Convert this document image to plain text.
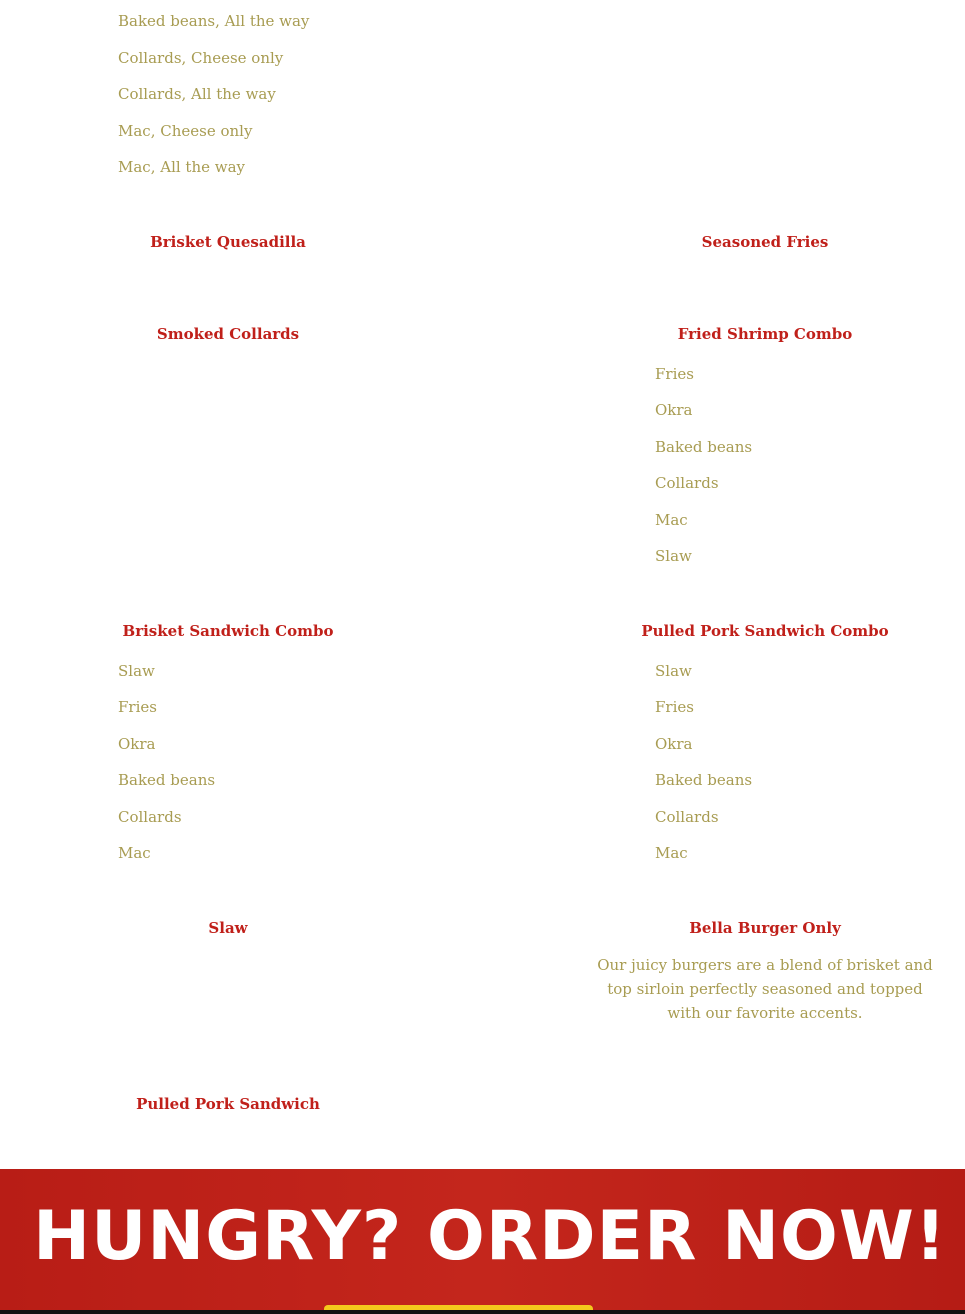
Baked beans, All the way
Collards, Cheese only
Collards, All the way
Mac, Cheese only
Mac, All the way
Brisket Quesadilla	Seasoned Fries
Smoked Collards	Fried Shrimp Combo
Fries
Okra
Baked beans
Collards
Mac
Slaw
Brisket Sandwich Combo	Pulled Pork Sandwich Combo
Slaw
Fries
Okra
Baked beans
Collards
Mac
Slaw
Fries
Okra
Baked beans
Collards
Mac
Slaw	Bella Burger Only
Our juicy burgers are a blend of brisket and top sirloin perfectly seasoned and topped with our favorite accents.
Pulled Pork Sandwich
HUNGRY? ORDER NOW!
